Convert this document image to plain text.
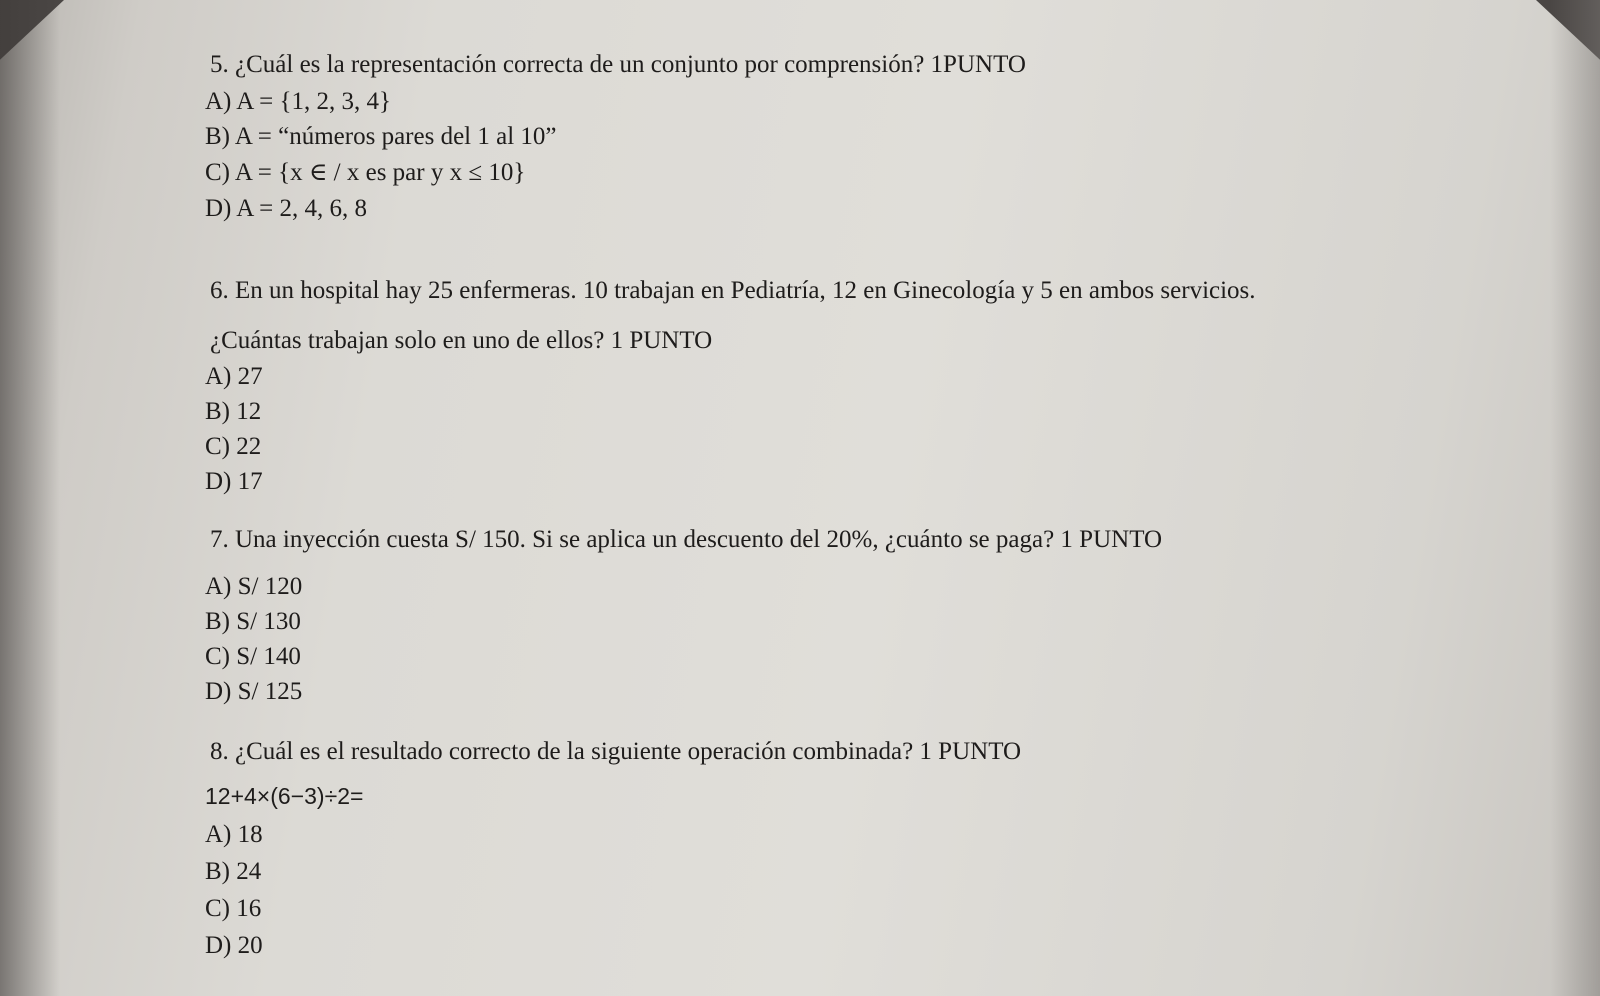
5. ¿Cuál es la representación correcta de un conjunto por comprensión? 1PUNTO
A) A = {1, 2, 3, 4}
B) A = “números pares del 1 al 10”
C) A = {x ∈ / x es par y x ≤ 10}
D) A = 2, 4, 6, 8
6. En un hospital hay 25 enfermeras. 10 trabajan en Pediatría, 12 en Ginecología y 5 en ambos servicios.
¿Cuántas trabajan solo en uno de ellos? 1 PUNTO
A) 27
B) 12
C) 22
D) 17
7. Una inyección cuesta S/ 150. Si se aplica un descuento del 20%, ¿cuánto se paga? 1 PUNTO
A) S/ 120
B) S/ 130
C) S/ 140
D) S/ 125
8. ¿Cuál es el resultado correcto de la siguiente operación combinada? 1 PUNTO
12+4×(6−3)÷2=
A) 18
B) 24
C) 16
D) 20
